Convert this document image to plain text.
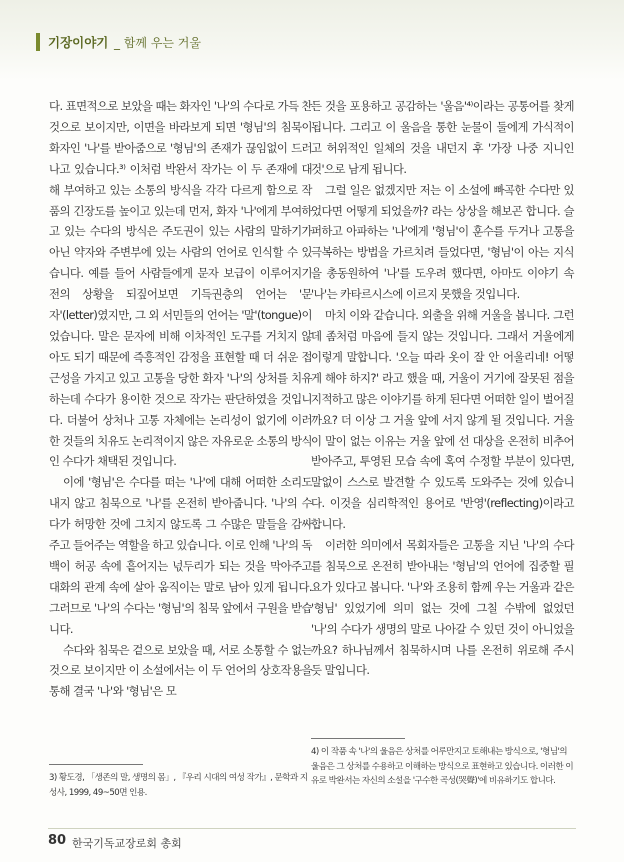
기장이야기 _ 함께 우는 거울

다. 표면적으로 보았을 때는 화자인 '나'의 수다로 가득 찬 것으로 보이지만, 이면을 바라보게 되면 '형님'의 침묵이 화자인 '나'를 받아줌으로 '형님'의 존재가 끊임없이 드러나고 있습니다.³⁾ 이처럼 박완서 작가는 이 두 존재에 대해 부여하고 있는 소통의 방식을 각각 다르게 함으로 작품의 긴장도를 높이고 있는데 먼저, 화자 '나'에게 부여하고 있는 수다의 방식은 주도권이 있는 사람의 말하기가 아닌 약자와 주변부에 있는 사람의 언어로 인식할 수 있습니다. 예를 들어 사람들에게 문자 보급이 이루어지기 전의 상황을 되짚어보면 기득권층의 언어는 '문자'(letter)였지만, 그 외 서민들의 언어는 '말'(tongue)이었습니다. 말은 문자에 비해 이차적인 도구를 거치지 않아도 되기 때문에 즉흥적인 감정을 표현할 때 더 쉬운 접근성을 가지고 있고 고통을 당한 화자 '나'의 상처를 치유하는데 수다가 용이한 것으로 작가는 판단하였을 것입니다. 더불어 상처나 고통 자체에는 논리성이 없기에 이러한 것들의 치유도 논리적이지 않은 자유로운 소통의 방식인 수다가 채택된 것입니다.

이에 '형님'은 수다를 떠는 '나'에 대해 어떠한 소리도 내지 않고 침묵으로 '나'를 온전히 받아줍니다. '나'의 수다가 허망한 것에 그치지 않도록 그 수많은 말들을 감싸주고 들어주는 역할을 하고 있습니다. 이로 인해 '나'의 독백이 허공 속에 흩어지는 넋두리가 되는 것을 막아주고 대화의 관계 속에 살아 움직이는 말로 남아 있게 됩니다. 그러므로 '나'의 수다는 '형님'의 침묵 앞에서 구원을 받습니다.

수다와 침묵은 겉으로 보았을 때, 서로 소통할 수 없는 것으로 보이지만 이 소설에서는 이 두 언어의 상호작용을 통해 결국 '나'와 '형님'은 모

든 것을 포용하고 공감하는 '울음'⁴⁾이라는 공통어를 찾게 됩니다. 그리고 이 울음을 통한 눈물이 둘에게 가식적이고 허위적인 일체의 것을 내던지 후 '가장 나중 지니인 것'으로 남게 됩니다.

그럴 일은 없겠지만 저는 이 소설에 빠곡한 수다만 있었다면 어떻게 되었을까? 라는 상상을 해보곤 합니다. 슬퍼하고 아파하는 '나'에게 '형님'이 훈수를 두거나 고통을 극복하는 방법을 가르치려 들었다면, '형님'이 아는 지식을 총동원하여 '나'를 도우려 했다면, 아마도 이야기 속 '나'는 카타르시스에 이르지 못했을 것입니다.

마치 이와 같습니다. 외출을 위해 거울을 봅니다. 그런데 좀처럼 마음에 들지 않는 것입니다. 그래서 거울에게 이렇게 말합니다. '오늘 따라 옷이 잘 안 어울리네! 어떻게 해야 하지?' 라고 했을 때, 거울이 거기에 잘못된 점을 지적하고 많은 이야기를 하게 된다면 어떠한 일이 벌어질까요? 더 이상 그 거울 앞에 서지 않게 될 것입니다. 거울이 말이 없는 이유는 거울 앞에 선 대상을 온전히 비추어 받아주고, 투영된 모습 속에 혹여 수정할 부분이 있다면, 말없이 스스로 발견할 수 있도록 도와주는 것에 있습니다. 이것을 심리학적인 용어로 '반영'(reflecting)이라고 합니다.

이러한 의미에서 목회자들은 고통을 지닌 '나'의 수다를 침묵으로 온전히 받아내는 '형님'의 언어에 집중할 필요가 있다고 봅니다. '나'와 조용히 함께 우는 거울과 같은 '형님' 있었기에 의미 없는 것에 그칠 수밖에 없었던 '나'의 수다가 생명의 말로 나아갈 수 있던 것이 아니었을까요? 하나님께서 침묵하시며 나를 온전히 위로해 주시듯 말입니다.

3) 황도경, 「생존의 말, 생명의 몸」, 『우리 시대의 여성 작가』, 문학과 지성사, 1999, 49~50면 인용.
4) 이 작품 속 '나'의 울음은 상처를 어루만지고 토해내는 방식으로, '형님'의 울음은 그 상처를 수용하고 이해하는 방식으로 표현하고 있습니다. 이러한 이유로 박완서는 자신의 소설을 '구수한 곡성(哭聲)'에 비유하기도 합니다.
80 한국기독교장로회 총회
